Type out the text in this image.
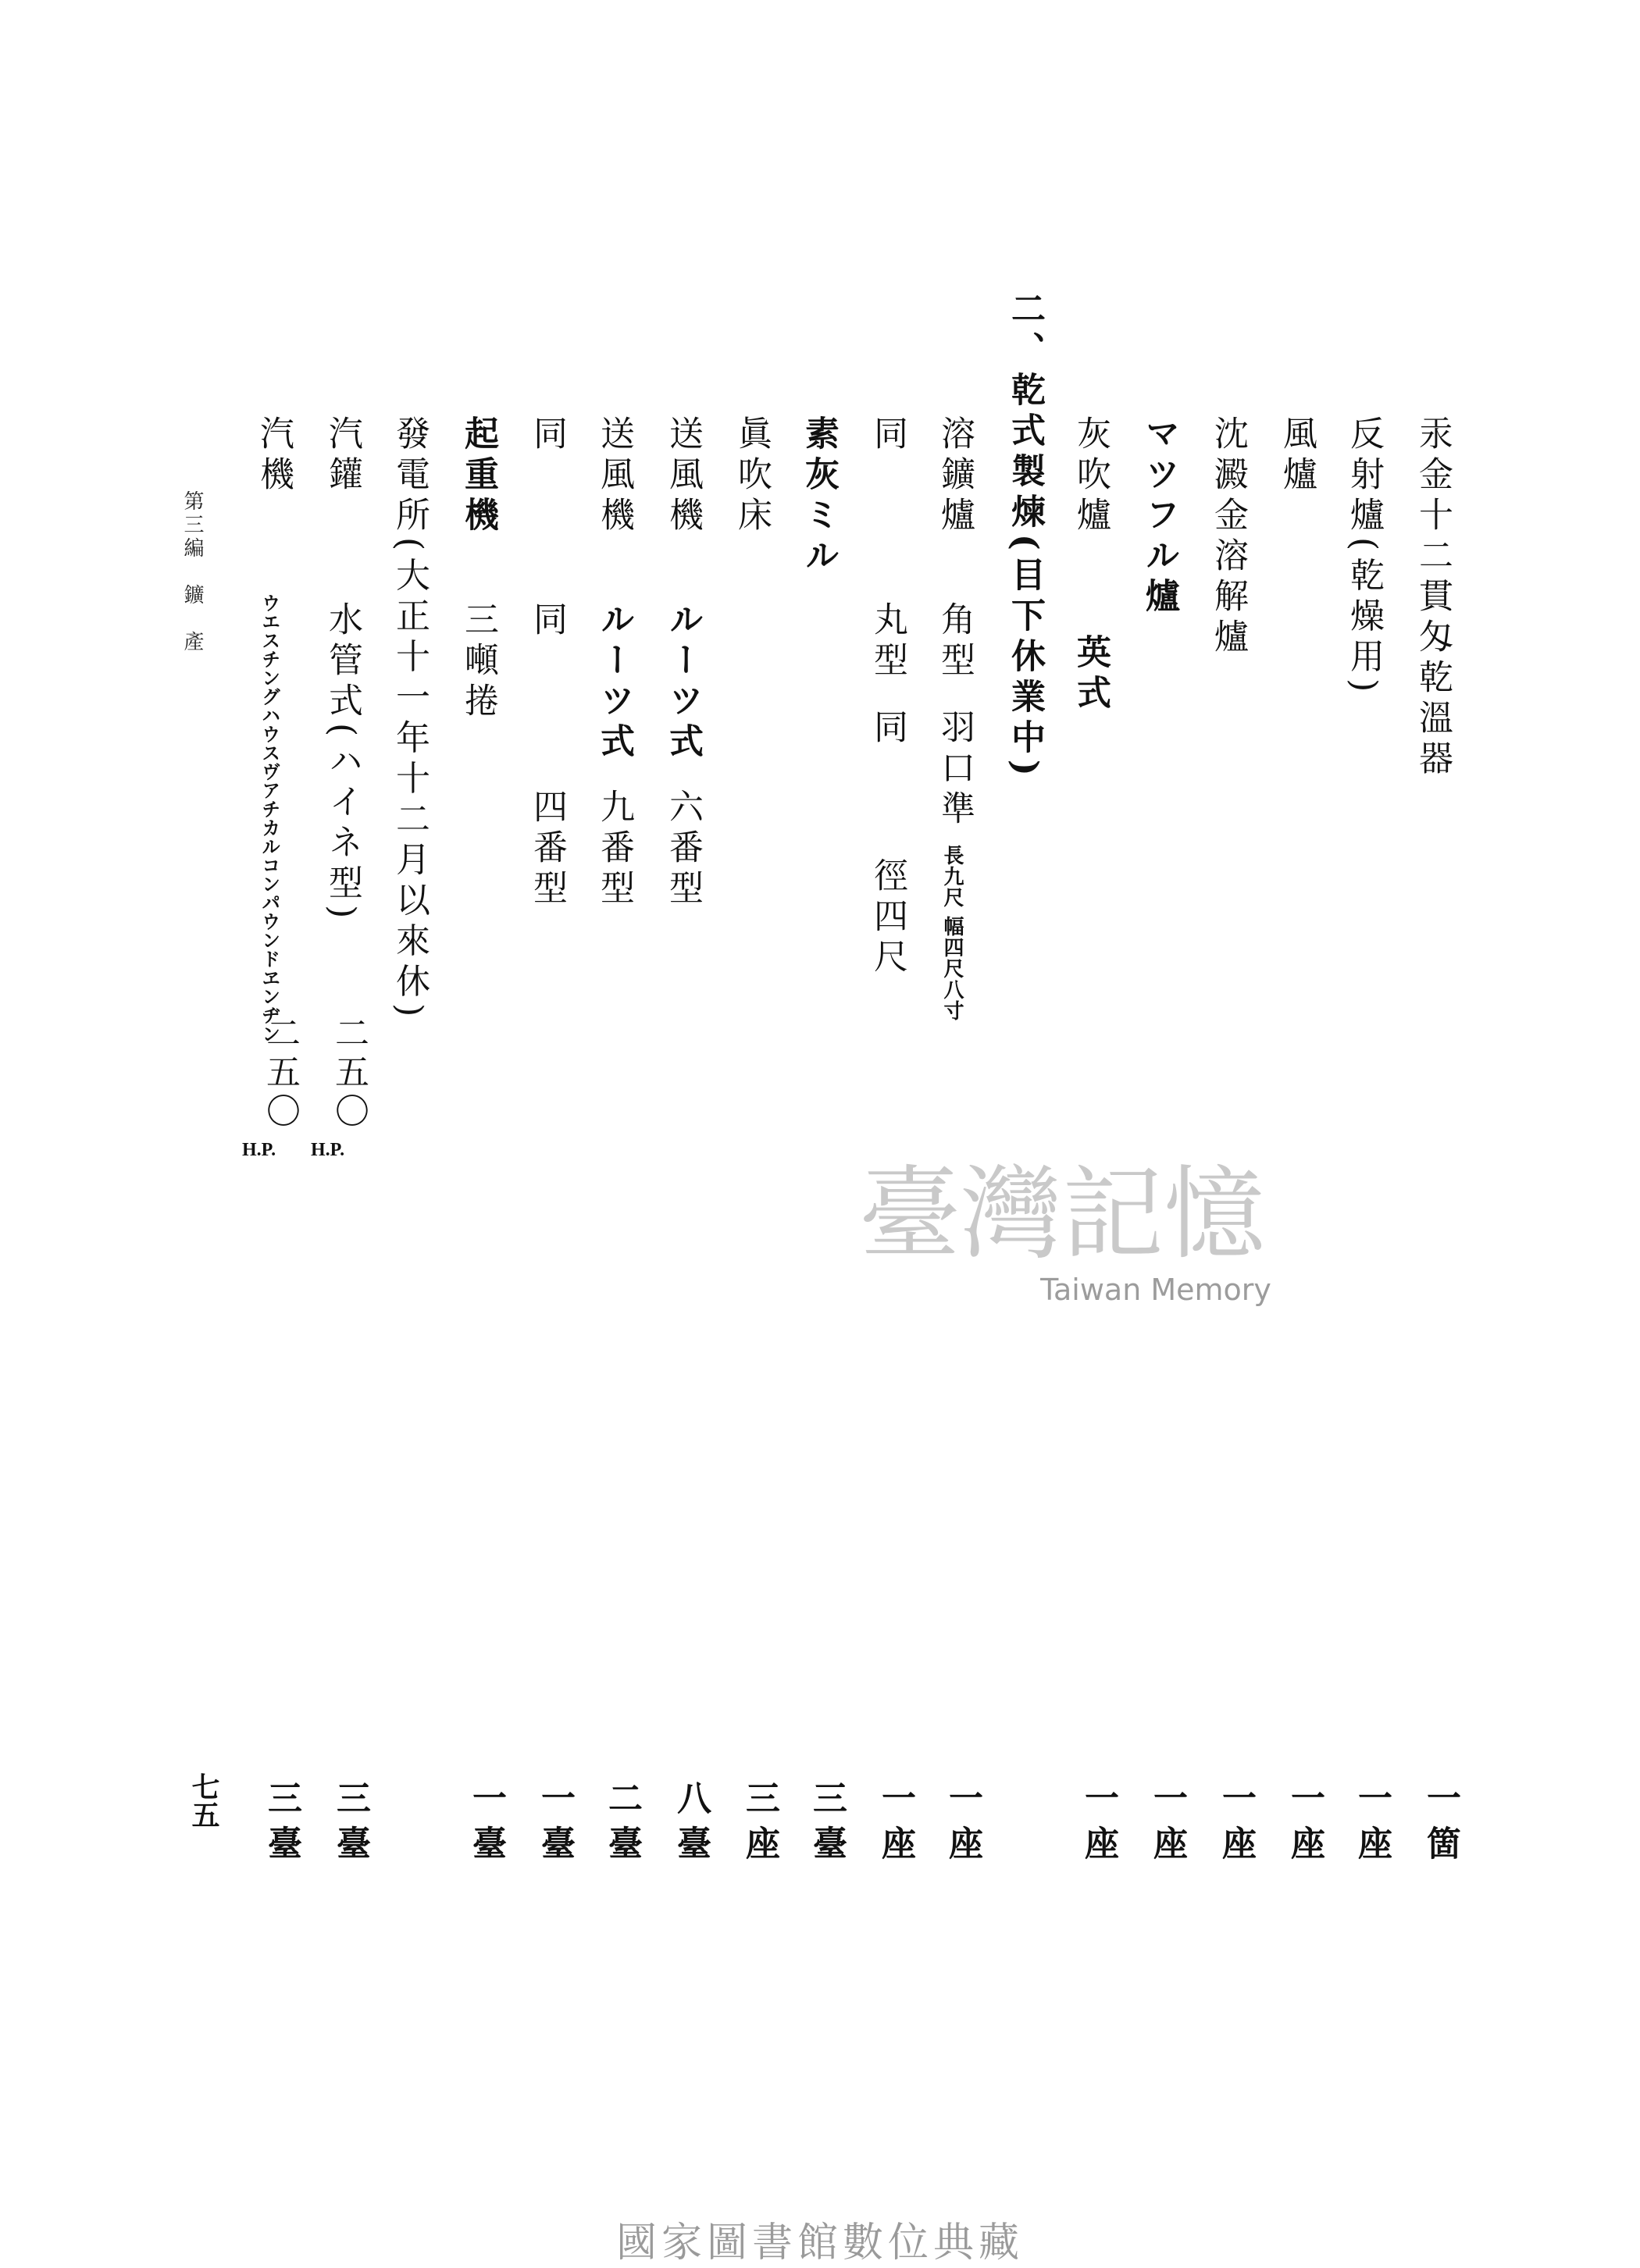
汞金十二貫匁乾溫器
反射爐(乾燥用)
風爐
沈澱金溶解爐
マツフル爐
灰吹爐
英式
二、乾式製煉(目下休業中)
溶鑛爐
角型
羽口準
長九尺 幅四尺八寸
同
丸型
同
徑四尺
素灰ミル
眞吹床
送風機
ルーツ式
六番型
送風機
ルーツ式
九番型
同
同
四番型
起重機
三噸捲
發電所(大正十一年十二月以來休)
汽鑵
水管式(ハイネ型)
二五〇
H.P.
汽機
ウエスチングハウスヴアチカルコンパウンドヱンヂン
二五〇
H.P.
一箇
一座
一座
一座
一座
一座
一座
一座
三臺
三座
八臺
二臺
一臺
一臺
三臺
三臺
第三編　鑛　產
七五
臺灣記憶
Taiwan Memory
國家圖書館數位典藏
